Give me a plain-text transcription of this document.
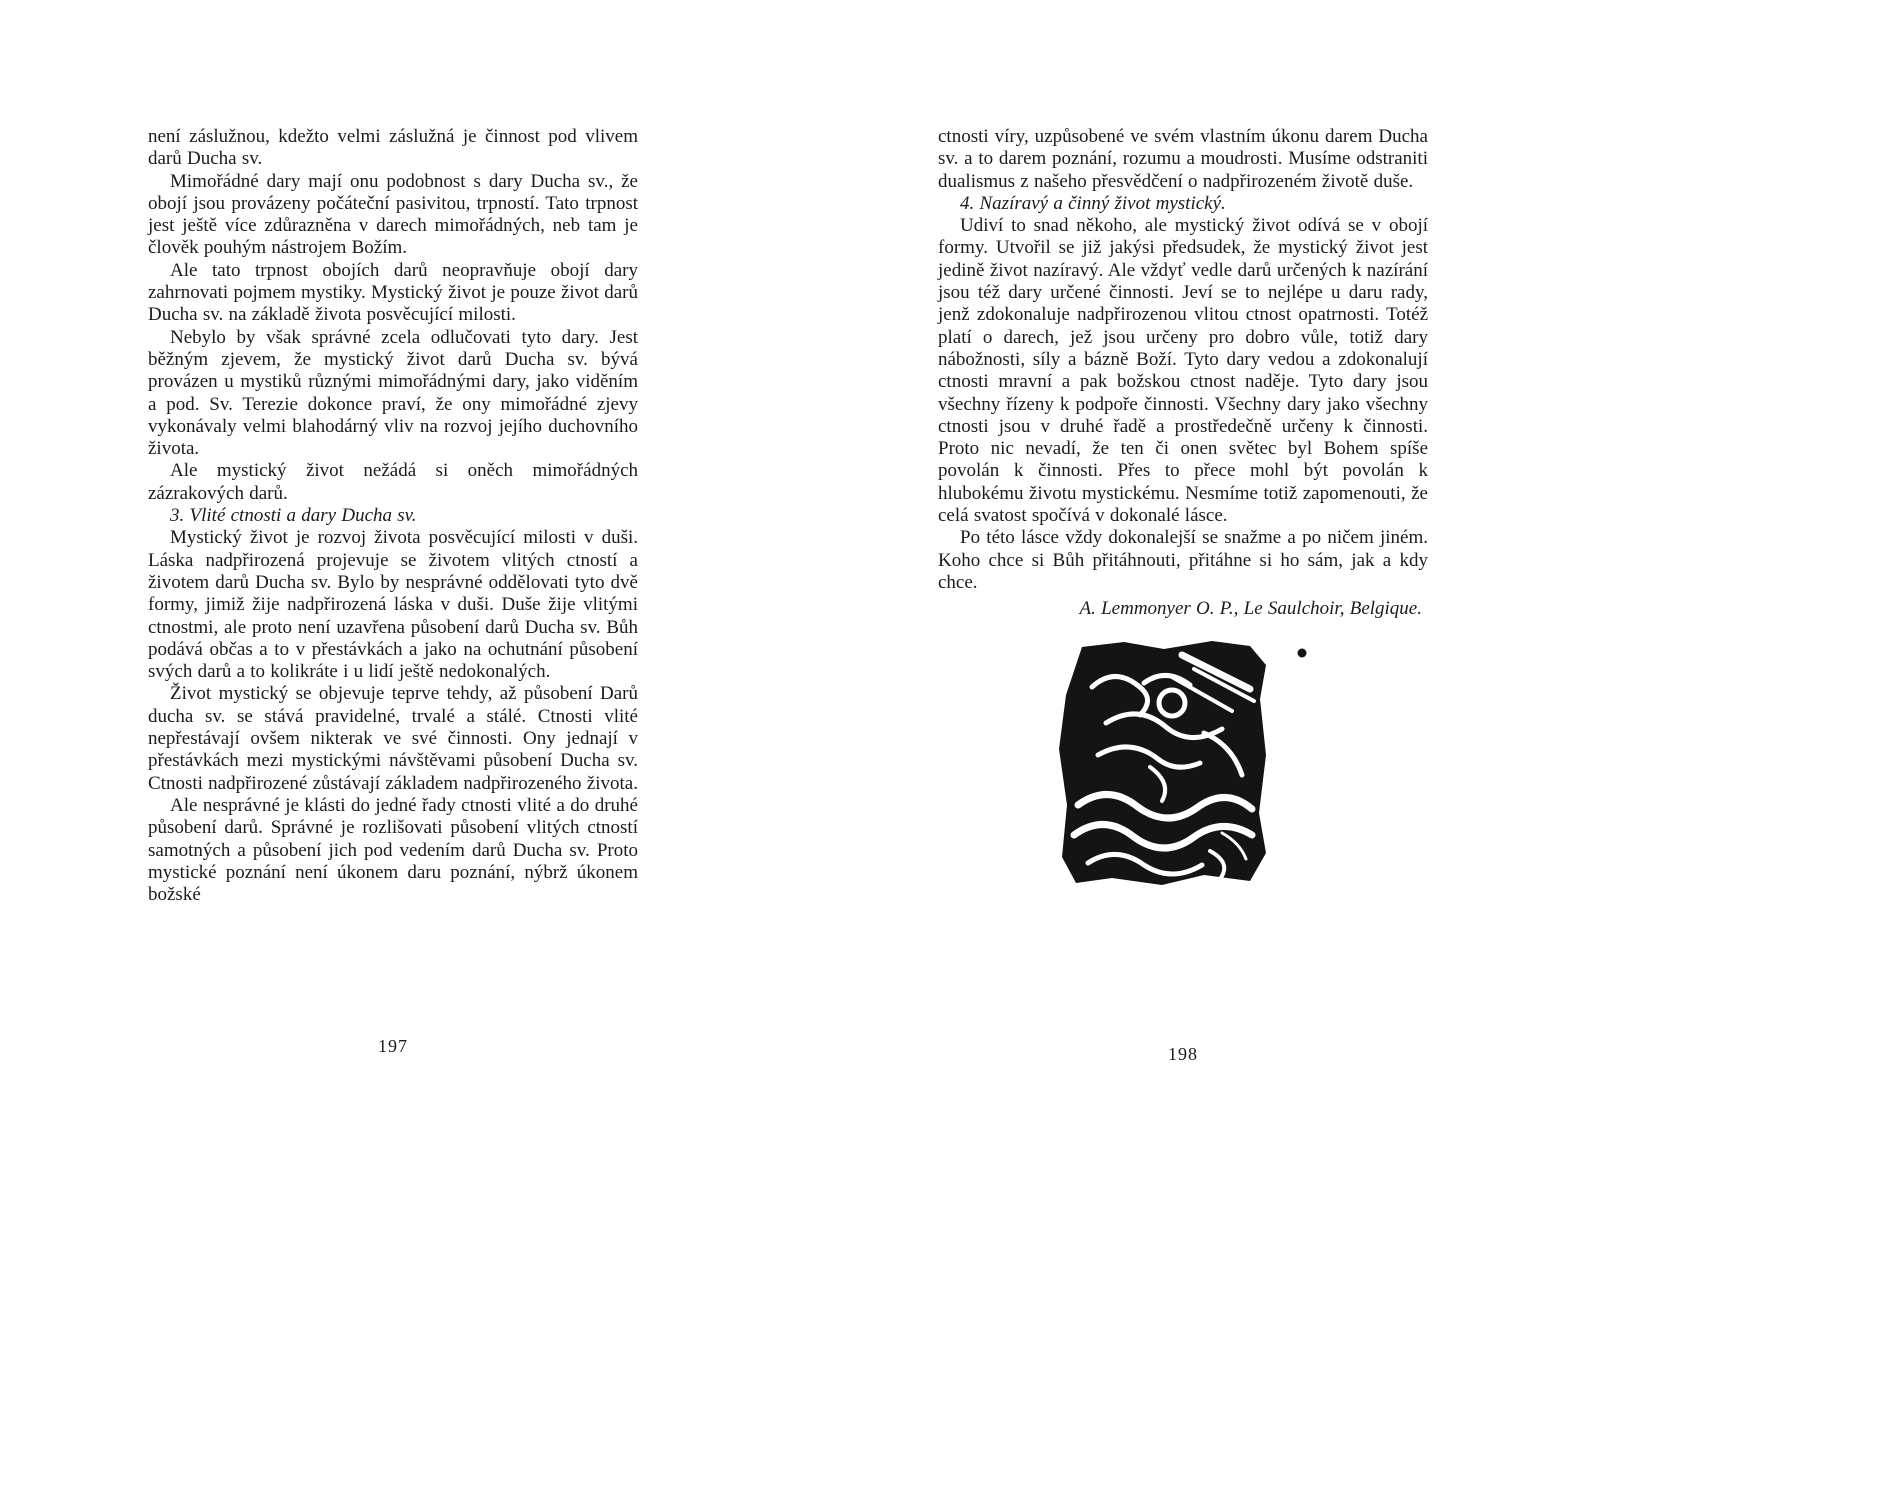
není záslužnou, kdežto velmi záslužná je činnost pod vlivem darů Ducha sv.

Mimořádné dary mají onu podobnost s dary Ducha sv., že obojí jsou provázeny počáteční pasivitou, trpností. Tato trpnost jest ještě více zdůrazněna v darech mimořádných, neb tam je člověk pouhým nástrojem Božím.

Ale tato trpnost obojích darů neopravňuje obojí dary zahrnovati pojmem mystiky. Mystický život je pouze život darů Ducha sv. na základě života posvěcující milosti.

Nebylo by však správné zcela odlučovati tyto dary. Jest běžným zjevem, že mystický život darů Ducha sv. bývá provázen u mystiků různými mimořádnými dary, jako viděním a pod. Sv. Terezie dokonce praví, že ony mimořádné zjevy vykonávaly velmi blahodárný vliv na rozvoj jejího duchovního života.

Ale mystický život nežádá si oněch mimořádných zázrakových darů.

3. Vlité ctnosti a dary Ducha sv.

Mystický život je rozvoj života posvěcující milosti v duši. Láska nadpřirozená projevuje se životem vlitých ctností a životem darů Ducha sv. Bylo by nesprávné oddělovati tyto dvě formy, jimiž žije nadpřirozená láska v duši. Duše žije vlitými ctnostmi, ale proto není uzavřena působení darů Ducha sv. Bůh podává občas a to v přestávkách a jako na ochutnání působení svých darů a to kolikráte i u lidí ještě nedokonalých.

Život mystický se objevuje teprve tehdy, až působení Darů ducha sv. se stává pravidelné, trvalé a stálé. Ctnosti vlité nepřestávají ovšem nikterak ve své činnosti. Ony jednají v přestávkách mezi mystickými návštěvami působení Ducha sv. Ctnosti nadpřirozené zůstávají základem nadpřirozeného života.

Ale nesprávné je klásti do jedné řady ctnosti vlité a do druhé působení darů. Správné je rozlišovati působení vlitých ctností samotných a působení jich pod vedením darů Ducha sv. Proto mystické poznání není úkonem daru poznání, nýbrž úkonem božské

ctnosti víry, uzpůsobené ve svém vlastním úkonu darem Ducha sv. a to darem poznání, rozumu a moudrosti. Musíme odstraniti dualismus z našeho přesvědčení o nadpřirozeném životě duše.

4. Nazíravý a činný život mystický.

Udiví to snad někoho, ale mystický život odívá se v obojí formy. Utvořil se již jakýsi předsudek, že mystický život jest jedině život nazíravý. Ale vždyť vedle darů určených k nazírání jsou též dary určené činnosti. Jeví se to nejlépe u daru rady, jenž zdokonaluje nadpřirozenou vlitou ctnost opatrnosti. Totéž platí o darech, jež jsou určeny pro dobro vůle, totiž dary nábožnosti, síly a bázně Boží. Tyto dary vedou a zdokonalují ctnosti mravní a pak božskou ctnost naděje. Tyto dary jsou všechny řízeny k podpoře činnosti. Všechny dary jako všechny ctnosti jsou v druhé řadě a prostředečně určeny k činnosti. Proto nic nevadí, že ten či onen světec byl Bohem spíše povolán k činnosti. Přes to přece mohl být povolán k hlubokému životu mystickému. Nesmíme totiž zapomenouti, že celá svatost spočívá v dokonalé lásce.

Po této lásce vždy dokonalejší se snažme a po ničem jiném. Koho chce si Bůh přitáhnouti, přitáhne si ho sám, jak a kdy chce.

A. Lemmonyer O. P., Le Saulchoir, Belgique.

197	198
